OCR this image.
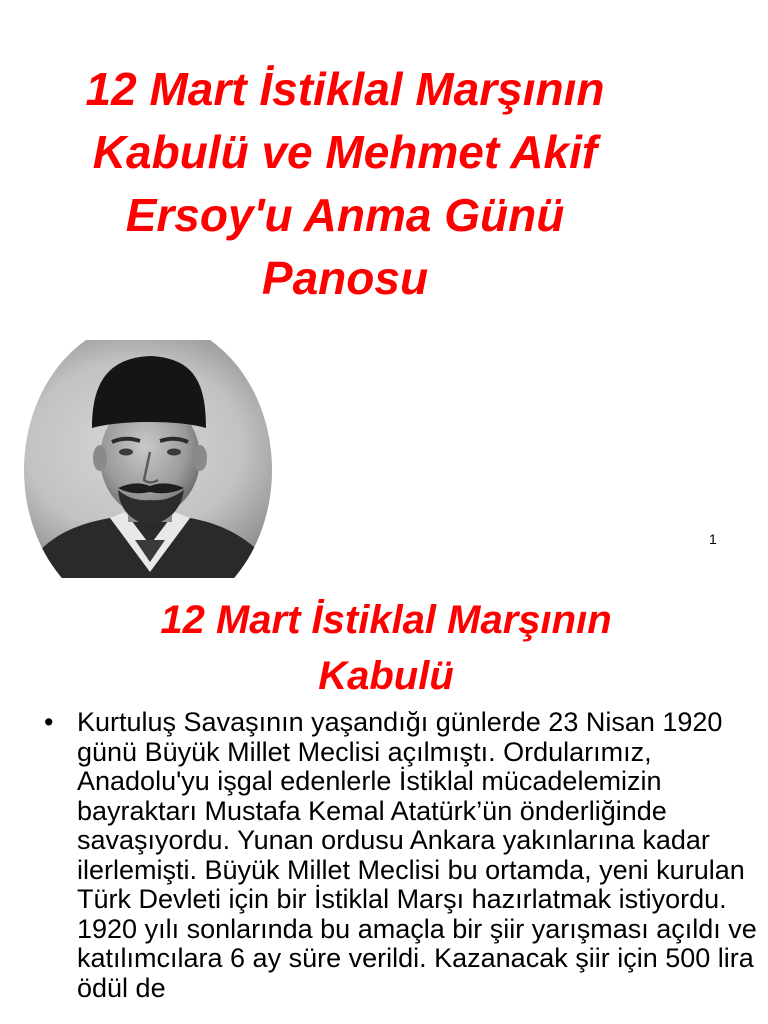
12 Mart İstiklal Marşının Kabulü ve Mehmet Akif Ersoy'u Anma Günü Panosu
1
12 Mart İstiklal Marşının Kabulü
• Kurtuluş Savaşının yaşandığı günlerde 23 Nisan 1920 günü Büyük Millet Meclisi açılmıştı. Ordularımız, Anadolu'yu işgal edenlerle İstiklal mücadelemizin bayraktarı Mustafa Kemal Atatürk’ün önderliğinde savaşıyordu. Yunan ordusu Ankara yakınlarına kadar ilerlemişti. Büyük Millet Meclisi bu ortamda, yeni kurulan Türk Devleti için bir İstiklal Marşı hazırlatmak istiyordu. 1920 yılı sonlarında bu amaçla bir şiir yarışması açıldı ve katılımcılara 6 ay süre verildi. Kazanacak şiir için 500 lira ödül de
